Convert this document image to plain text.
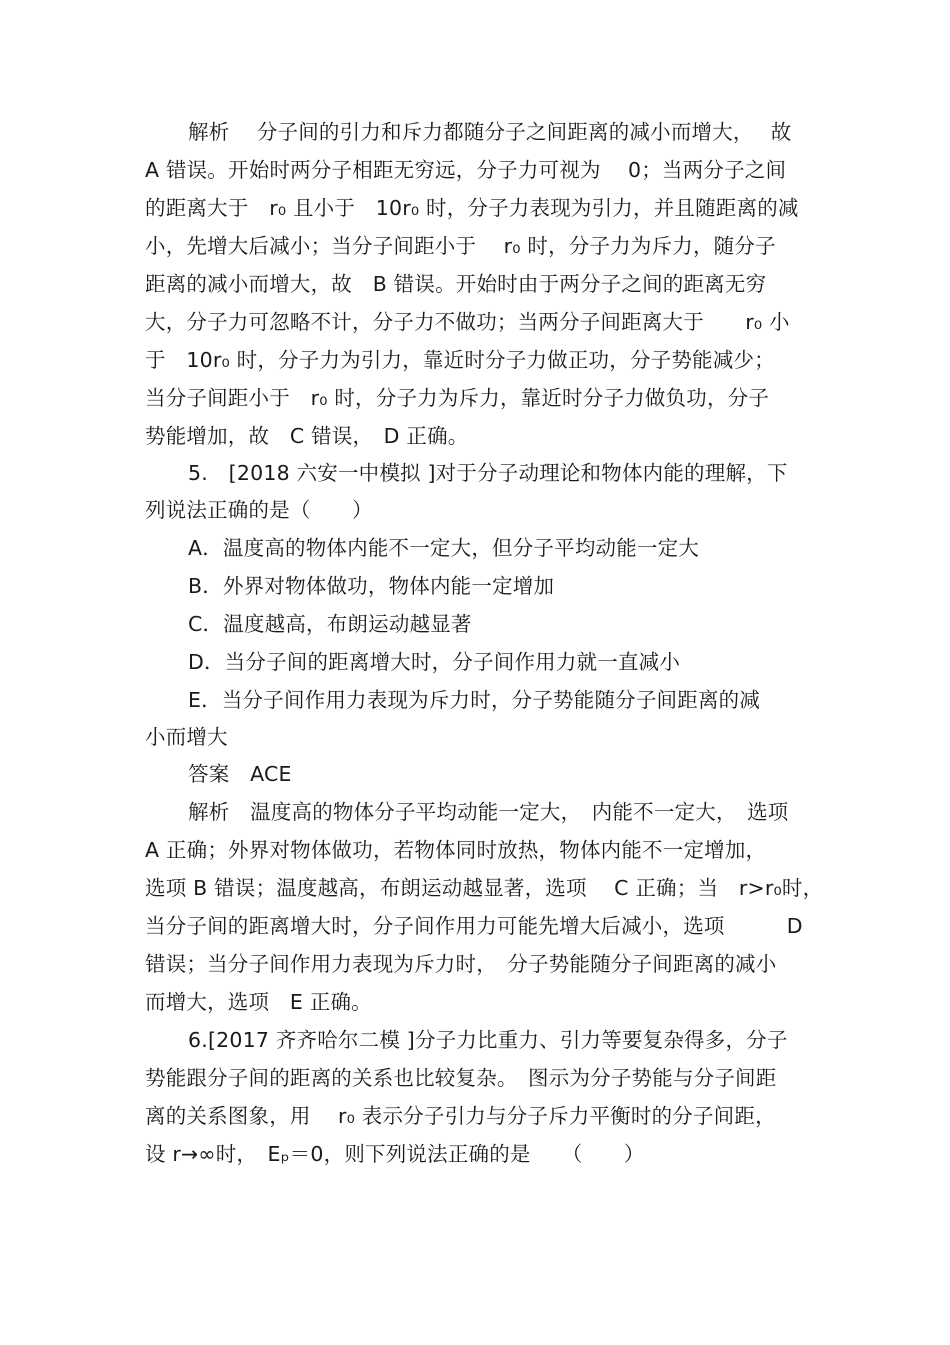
解析　 分子间的引力和斥力都随分子之间距离的减小而增大，　 故
A 错误。开始时两分子相距无穷远，分子力可视为　 0；当两分子之间
的距离大于　r₀ 且小于　10r₀ 时，分子力表现为引力，并且随距离的减
小，先增大后减小；当分子间距小于　 r₀ 时，分子力为斥力，随分子
距离的减小而增大，故　B 错误。开始时由于两分子之间的距离无穷
大，分子力可忽略不计，分子力不做功；当两分子间距离大于　　r₀ 小
于　10r₀ 时，分子力为引力，靠近时分子力做正功，分子势能减少；
当分子间距小于　r₀ 时，分子力为斥力，靠近时分子力做负功，分子
势能增加，故　C 错误，　D 正确。
5.　[2018 六安一中模拟 ]对于分子动理论和物体内能的理解，下
列说法正确的是（　　）
A．温度高的物体内能不一定大，但分子平均动能一定大
B．外界对物体做功，物体内能一定增加
C．温度越高，布朗运动越显著
D．当分子间的距离增大时，分子间作用力就一直减小
E．当分子间作用力表现为斥力时，分子势能随分子间距离的减
小而增大
答案　ACE
解析　温度高的物体分子平均动能一定大，　内能不一定大，　选项
A 正确；外界对物体做功，若物体同时放热，物体内能不一定增加，
选项 B 错误；温度越高，布朗运动越显著，选项　 C 正确；当　r>r₀时，
当分子间的距离增大时，分子间作用力可能先增大后减小，选项　　　D
错误；当分子间作用力表现为斥力时，　分子势能随分子间距离的减小
而增大，选项　E 正确。
6.[2017 齐齐哈尔二模 ]分子力比重力、引力等要复杂得多，分子
势能跟分子间的距离的关系也比较复杂。　图示为分子势能与分子间距
离的关系图象，用　 r₀ 表示分子引力与分子斥力平衡时的分子间距，
设 r→∞时，　Eₚ＝0，则下列说法正确的是　　（　　）
